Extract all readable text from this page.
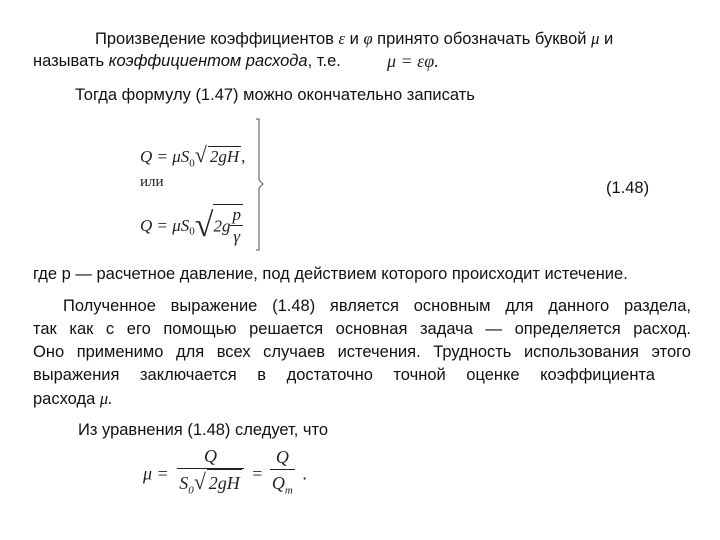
Произведение коэффициентов ε и φ принято обозначать буквой μ и
называть коэффициентом расхода, т.е.	μ = εφ.
Тогда формулу (1.47) можно окончательно записать
$Q = \mu S_0√$ 2gH ,
или
$Q = \mu S_0√2g \frac{p}{\gamma}$
(1.48)
где p — расчетное давление, под действием которого происходит истечение.
Полученное выражение (1.48) является основным для данного раздела,
так как с его помощью решается основная задача — определяется расход.
Оно применимо для всех случаев истечения. Трудность использования этого
выражения заключается в достаточно точной оценке коэффициента
расхода μ.
Из уравнения (1.48) следует, что
$\mu = \frac{Q}{S_0√ 2gH} = \frac{Q}{Q_m}$ .
